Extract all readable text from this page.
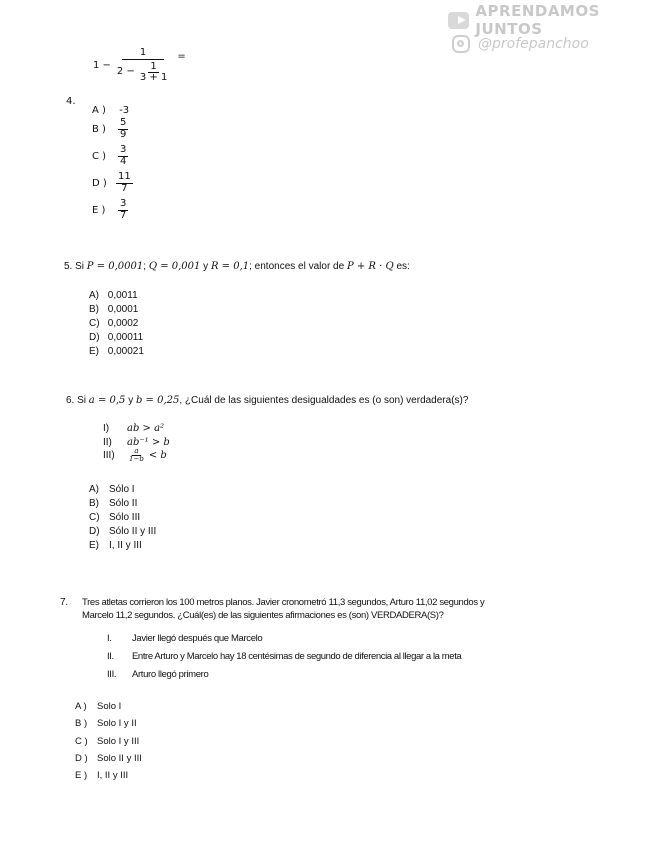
APRENDAMOS JUNTOS
@profepanchoo
$1 - \frac{1}{2 - \frac{1}{3 + 1}}$ =
4.
A ) -3
B )	$\frac{5}{9}$
C )	$\frac{3}{4}$
D ) $\frac{11}{7}$
E )	$\frac{3}{7}$
5. Si P = 0,0001; Q = 0,001 y R = 0,1; entonces el valor de P + R · Q es:
A) 0,0011
B) 0,0001
C) 0,0002
D) 0,00011
E) 0,00021
6. Si a = 0,5 y b = 0,25, ¿Cuál de las siguientes desigualdades es (o son) verdadera(s)?
I) ab > a²
II) ab⁻¹ > b
III)	$\frac{a}{1-b} < b$
A) Sólo I
B) Sólo II
C) Sólo III
D) Sólo II y III
E) I, II y III
7. Tres atletas corrieron los 100 metros planos. Javier cronometró 11,3 segundos, Arturo 11,02 segundos y
Marcelo 11,2 segundos. ¿Cuál(es) de las siguientes afirmaciones es (son) VERDADERA(S)?
I. Javier llegó después que Marcelo
II. Entre Arturo y Marcelo hay 18 centésimas de segundo de diferencia al llegar a la meta
III. Arturo llegó primero
A ) Solo I
B ) Solo I y II
C ) Solo I y III
D ) Solo II y III
E ) I, II y III
